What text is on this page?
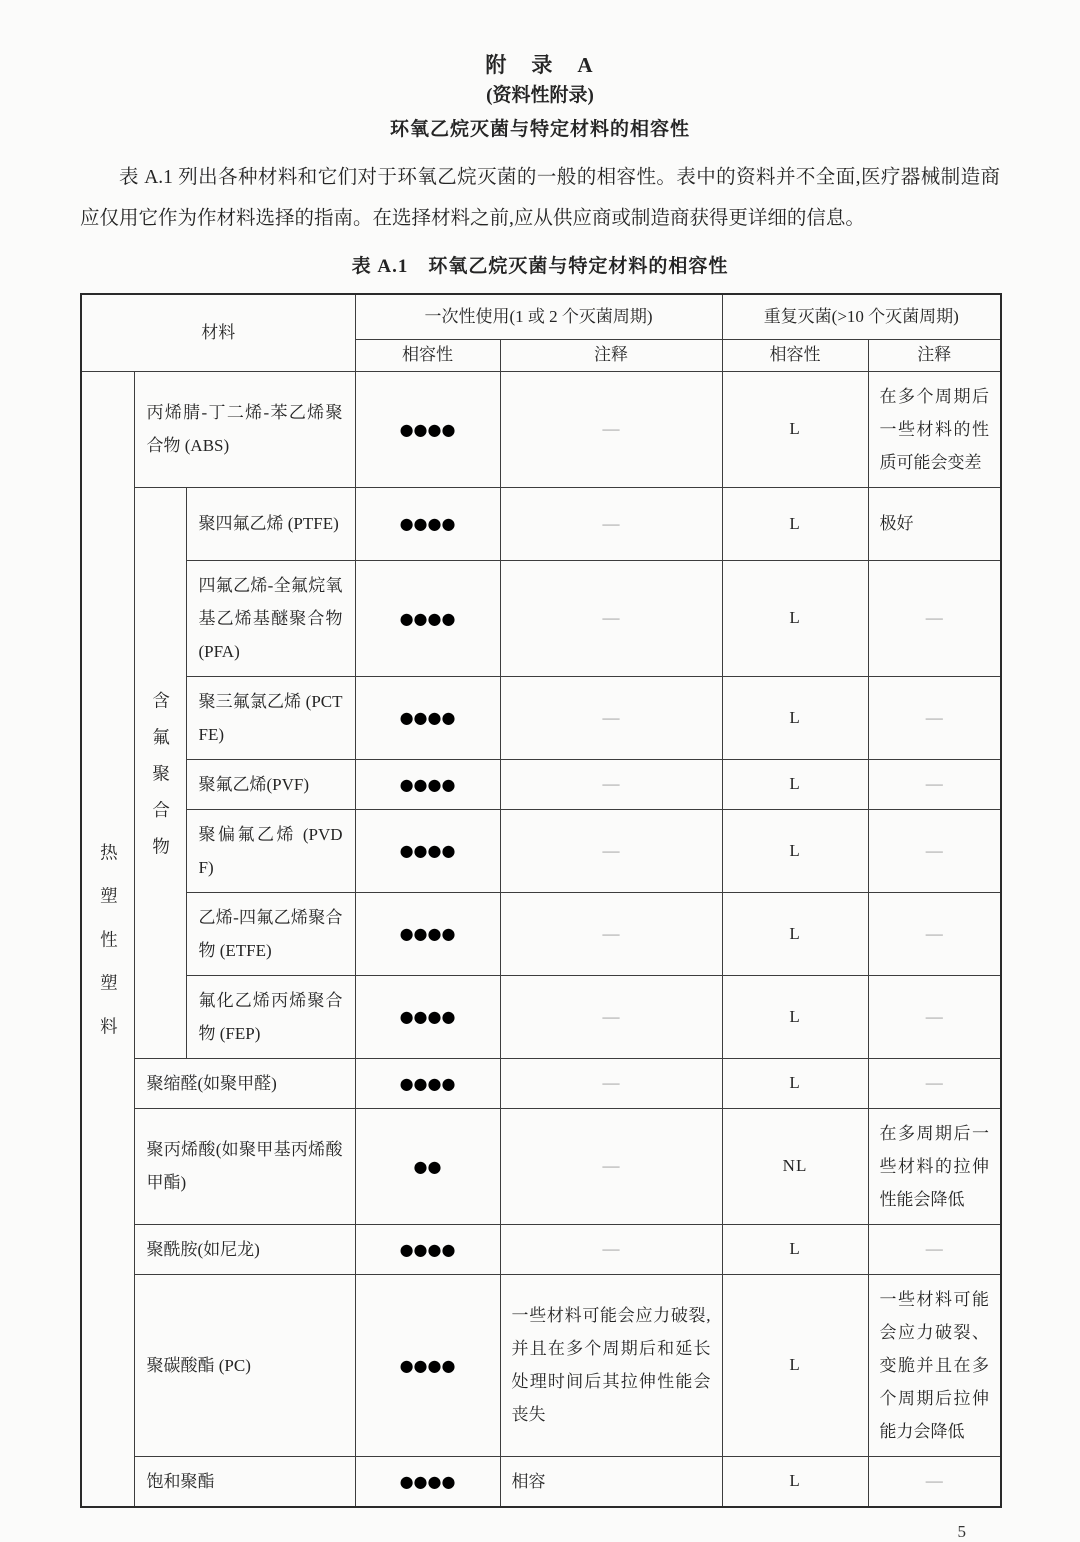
附　录　A
(资料性附录)
环氧乙烷灭菌与特定材料的相容性

表 A.1 列出各种材料和它们对于环氧乙烷灭菌的一般的相容性。表中的资料并不全面,医疗器械制造商应仅用它作为作材料选择的指南。在选择材料之前,应从供应商或制造商获得更详细的信息。

表 A.1　环氧乙烷灭菌与特定材料的相容性
材料			一次性使用(1 或 2 个灭菌周期)		重复灭菌(>10 个灭菌周期)	
			相容性	注释	相容性	注释

热塑性塑料	丙烯腈-丁二烯-苯乙烯聚合物 (ABS)		●●●●	—	L	在多个周期后一些材料的性质可能会变差

	含氟聚合物	聚四氟乙烯 (PTFE)	●●●●	—	L	极好
		四氟乙烯-全氟烷氧基乙烯基醚聚合物(PFA)	●●●●	—	L	—
		聚三氟氯乙烯 (PCTFE)	●●●●	—	L	—
		聚氟乙烯(PVF)	●●●●	—	L	—
		聚偏氟乙烯 (PVDF)	●●●●	—	L	—
		乙烯-四氟乙烯聚合物 (ETFE)	●●●●	—	L	—
		氟化乙烯丙烯聚合物 (FEP)	●●●●	—	L	—
	聚缩醛(如聚甲醛)		●●●●	—	L	—
	聚丙烯酸(如聚甲基丙烯酸甲酯)		●●	—	NL	在多周期后一些材料的拉伸性能会降低
	聚酰胺(如尼龙)		●●●●	—	L	—
	聚碳酸酯 (PC)		●●●●	一些材料可能会应力破裂,并且在多个周期后和延长处理时间后其拉伸性能会丧失	L	一些材料可能会应力破裂、变脆并且在多个周期后拉伸能力会降低
	饱和聚酯		●●●●	相容	L	—
5
